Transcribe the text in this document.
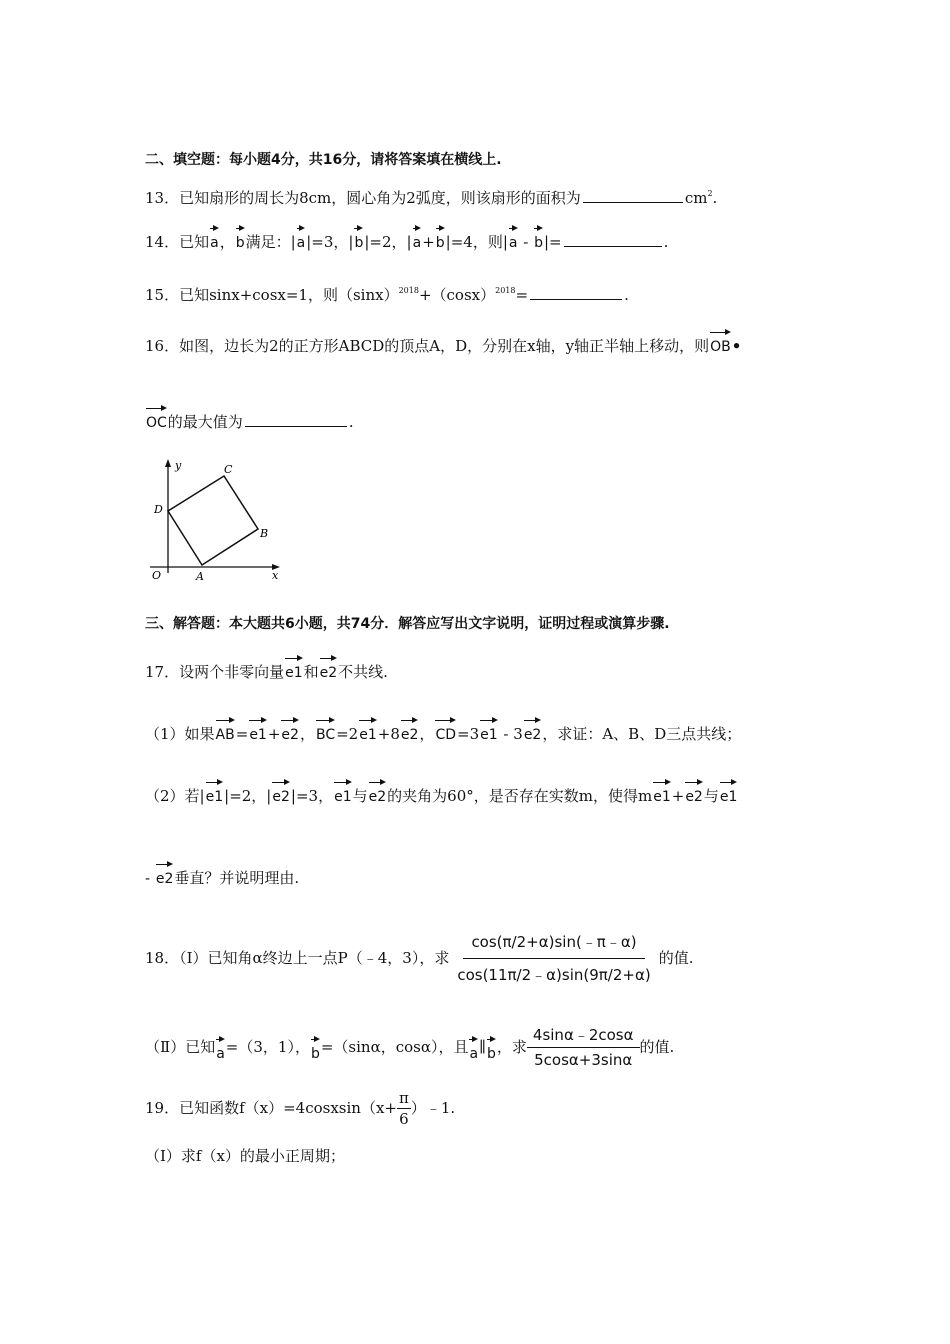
二、填空题：每小题4分，共16分，请将答案填在横线上.
13．已知扇形的周长为8cm，圆心角为2弧度，则该扇形的面积为	$cm^2$.
14．已知a，b满足：|a|=3，|b|=2，|a+b|=4，则|a - b|=	.
15．已知sinx+cosx=1，则$(\sin x)^{2018}+(\cos x)^{2018}=$	.
16．如图，边长为2的正方形ABCD的顶点A，D，分别在x轴，y轴正半轴上移动，则OB•
OC的最大值为	.
y
x
O	A
B
C
D
三、解答题：本大题共6小题，共74分．解答应写出文字说明，证明过程或演算步骤.
17．设两个非零向量e1和e2不共线.
（1）如果AB=e1+e2，BC=2e1+8e2，CD=3e1 - 3e2，求证：A、B、D三点共线；
（2）若|e1|=2，|e2|=3，e1与e2的夹角为60°，是否存在实数m，使得me1+e2与e1
- e2垂直？并说明理由.
18．（Ⅰ）已知角α终边上一点P（﹣4，3），求 $\frac{\cos(\pi/2+\alpha)\sin(﹣\pi﹣\alpha)}{\cos(11\pi/2﹣\alpha)\sin(9\pi/2+\alpha)}$ 的值.
（Ⅱ）已知 a =（3，1）， b =（sinα，cosα），且 a ∥ b ，求 $\frac{4\sin\alpha﹣2\cos\alpha}{5\cos\alpha+3\sin\alpha}$ 的值.
19．已知函数f（x）=4cosxsin（x+ $\frac{\pi}{6}$ ）﹣1.
（Ⅰ）求f（x）的最小正周期；
